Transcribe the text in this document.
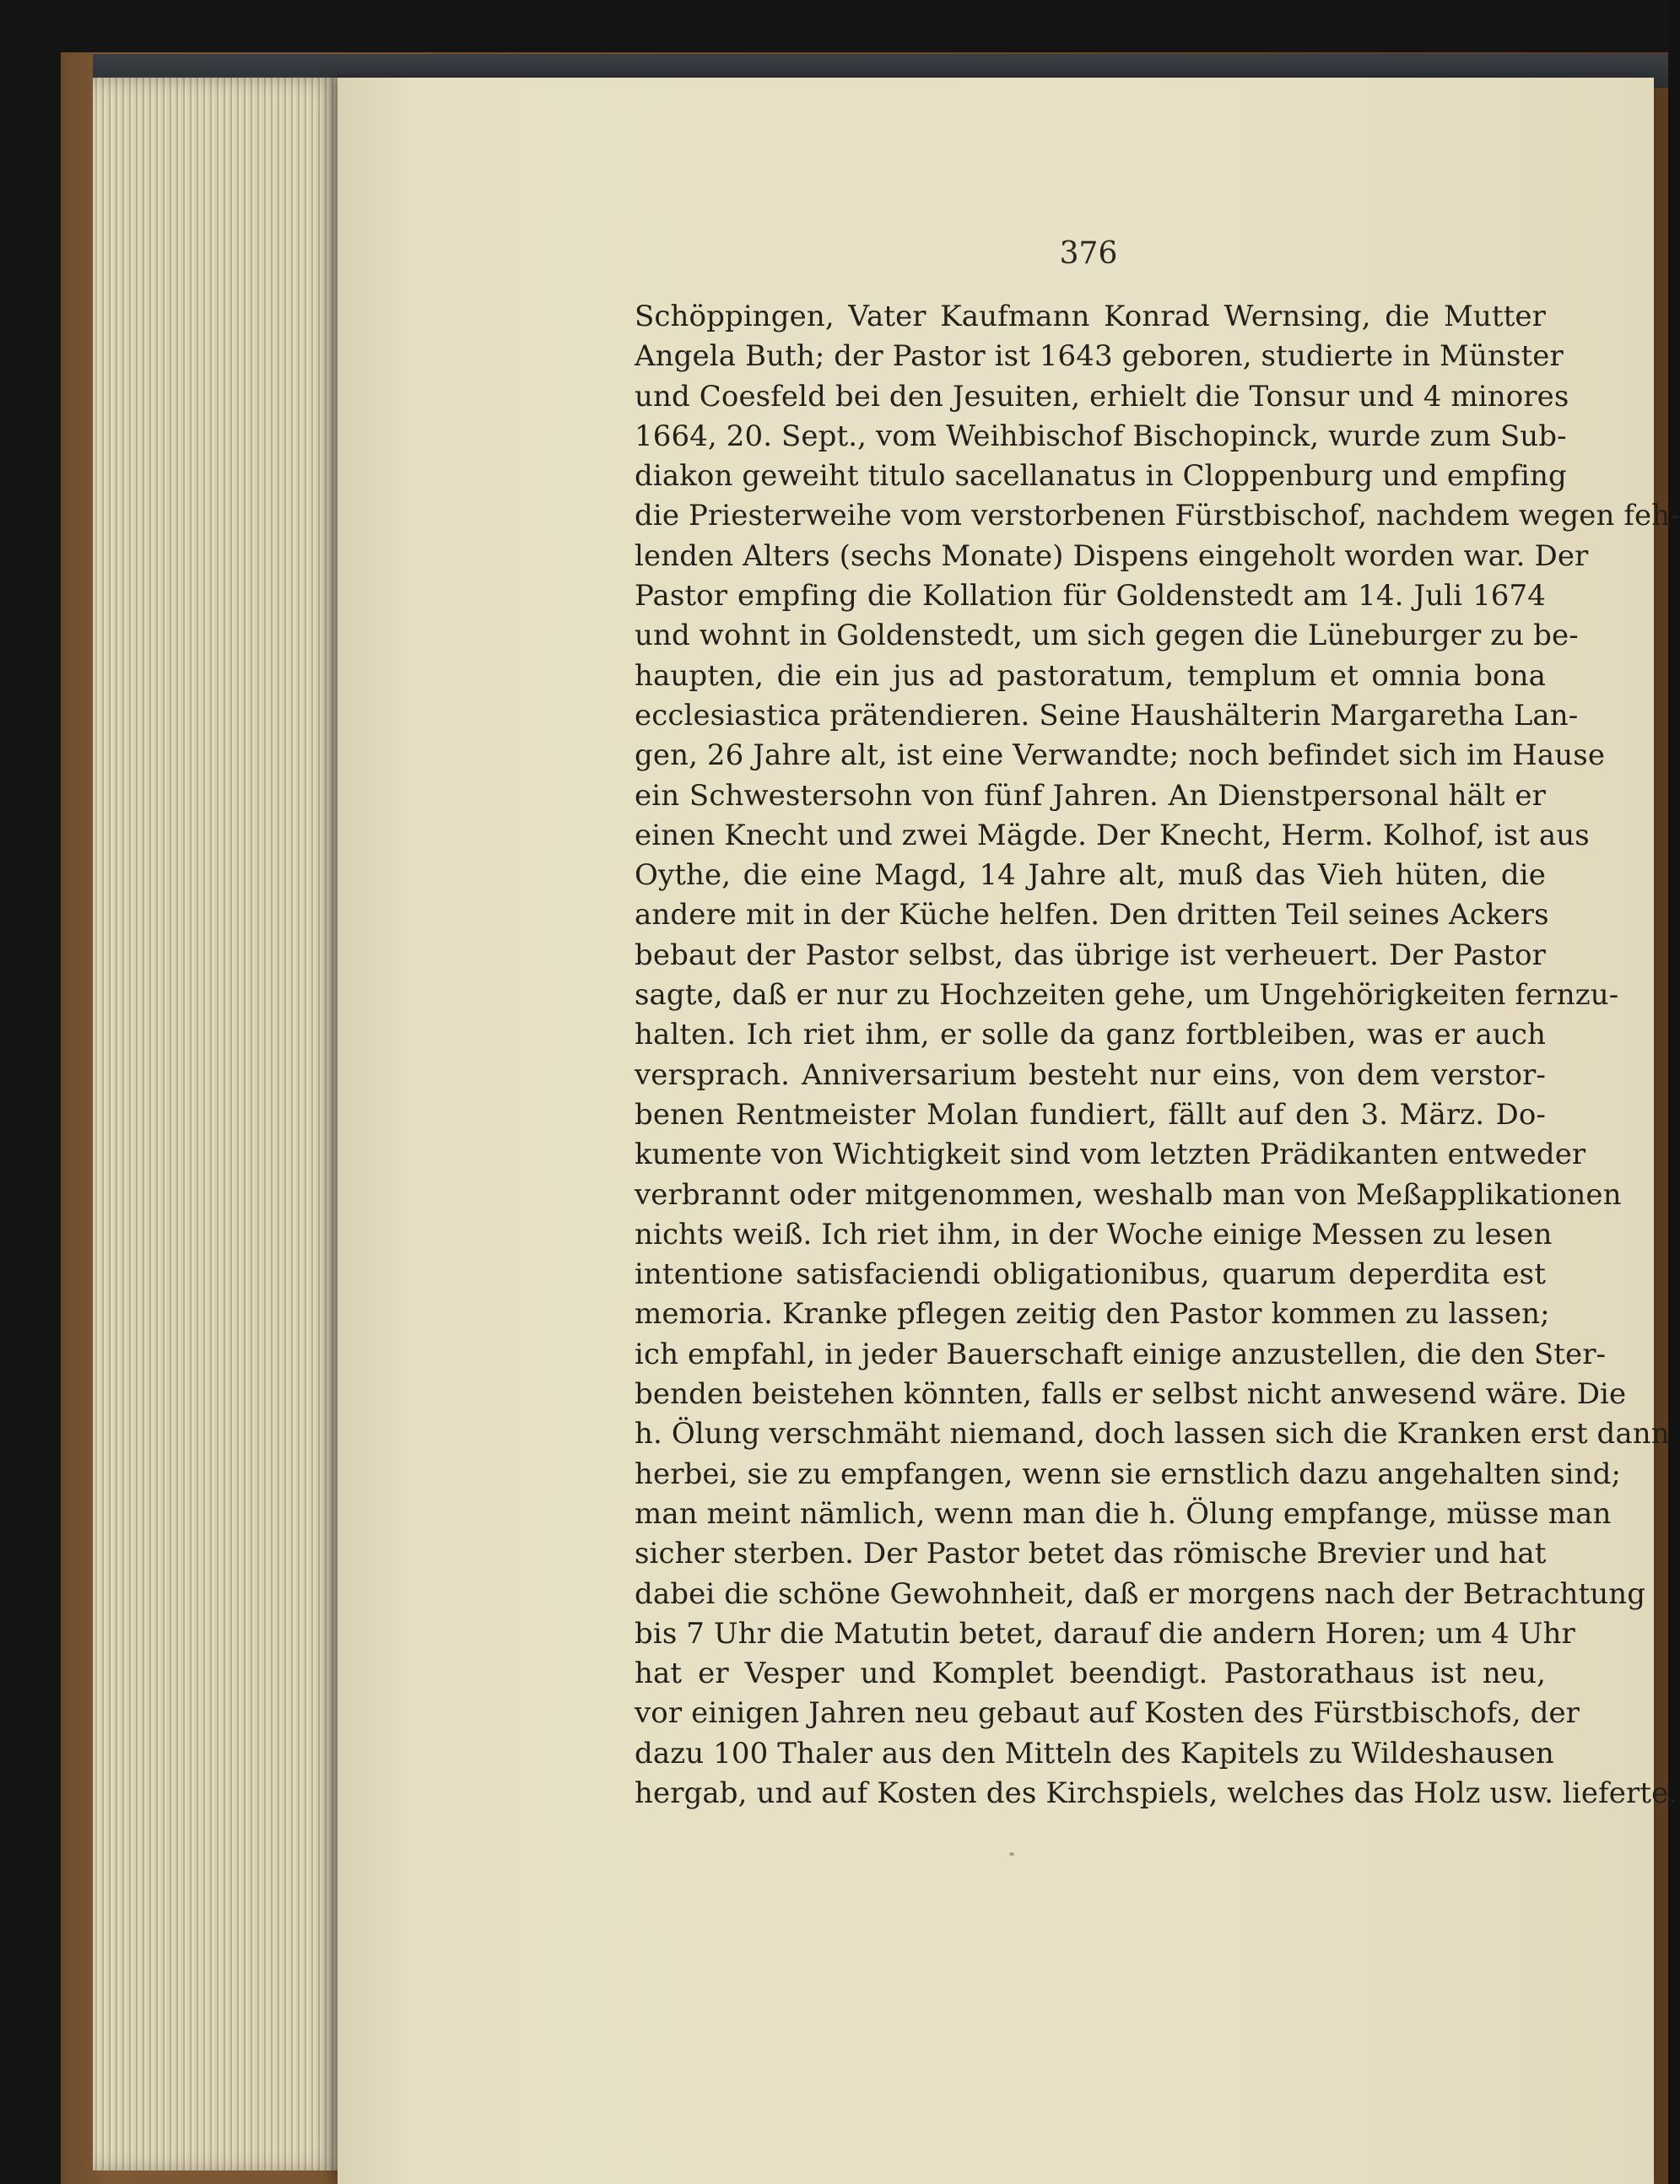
376
Schöppingen, Vater Kaufmann Konrad Wernsing, die Mutter
Angela Buth; der Pastor ist 1643 geboren, studierte in Münster
und Coesfeld bei den Jesuiten, erhielt die Tonsur und 4 minores
1664, 20. Sept., vom Weihbischof Bischopinck, wurde zum Sub-
diakon geweiht titulo sacellanatus in Cloppenburg und empfing
die Priesterweihe vom verstorbenen Fürstbischof, nachdem wegen feh-
lenden Alters (sechs Monate) Dispens eingeholt worden war. Der
Pastor empfing die Kollation für Goldenstedt am 14. Juli 1674
und wohnt in Goldenstedt, um sich gegen die Lüneburger zu be-
haupten, die ein jus ad pastoratum, templum et omnia bona
ecclesiastica prätendieren. Seine Haushälterin Margaretha Lan-
gen, 26 Jahre alt, ist eine Verwandte; noch befindet sich im Hause
ein Schwestersohn von fünf Jahren. An Dienstpersonal hält er
einen Knecht und zwei Mägde. Der Knecht, Herm. Kolhof, ist aus
Oythe, die eine Magd, 14 Jahre alt, muß das Vieh hüten, die
andere mit in der Küche helfen. Den dritten Teil seines Ackers
bebaut der Pastor selbst, das übrige ist verheuert. Der Pastor
sagte, daß er nur zu Hochzeiten gehe, um Ungehörigkeiten fernzu-
halten. Ich riet ihm, er solle da ganz fortbleiben, was er auch
versprach. Anniversarium besteht nur eins, von dem verstor-
benen Rentmeister Molan fundiert, fällt auf den 3. März. Do-
kumente von Wichtigkeit sind vom letzten Prädikanten entweder
verbrannt oder mitgenommen, weshalb man von Meßapplikationen
nichts weiß. Ich riet ihm, in der Woche einige Messen zu lesen
intentione satisfaciendi obligationibus, quarum deperdita est
memoria. Kranke pflegen zeitig den Pastor kommen zu lassen;
ich empfahl, in jeder Bauerschaft einige anzustellen, die den Ster-
benden beistehen könnten, falls er selbst nicht anwesend wäre. Die
h. Ölung verschmäht niemand, doch lassen sich die Kranken erst dann
herbei, sie zu empfangen, wenn sie ernstlich dazu angehalten sind;
man meint nämlich, wenn man die h. Ölung empfange, müsse man
sicher sterben. Der Pastor betet das römische Brevier und hat
dabei die schöne Gewohnheit, daß er morgens nach der Betrachtung
bis 7 Uhr die Matutin betet, darauf die andern Horen; um 4 Uhr
hat er Vesper und Komplet beendigt. Pastorathaus ist neu,
vor einigen Jahren neu gebaut auf Kosten des Fürstbischofs, der
dazu 100 Thaler aus den Mitteln des Kapitels zu Wildeshausen
hergab, und auf Kosten des Kirchspiels, welches das Holz usw. lieferte.
